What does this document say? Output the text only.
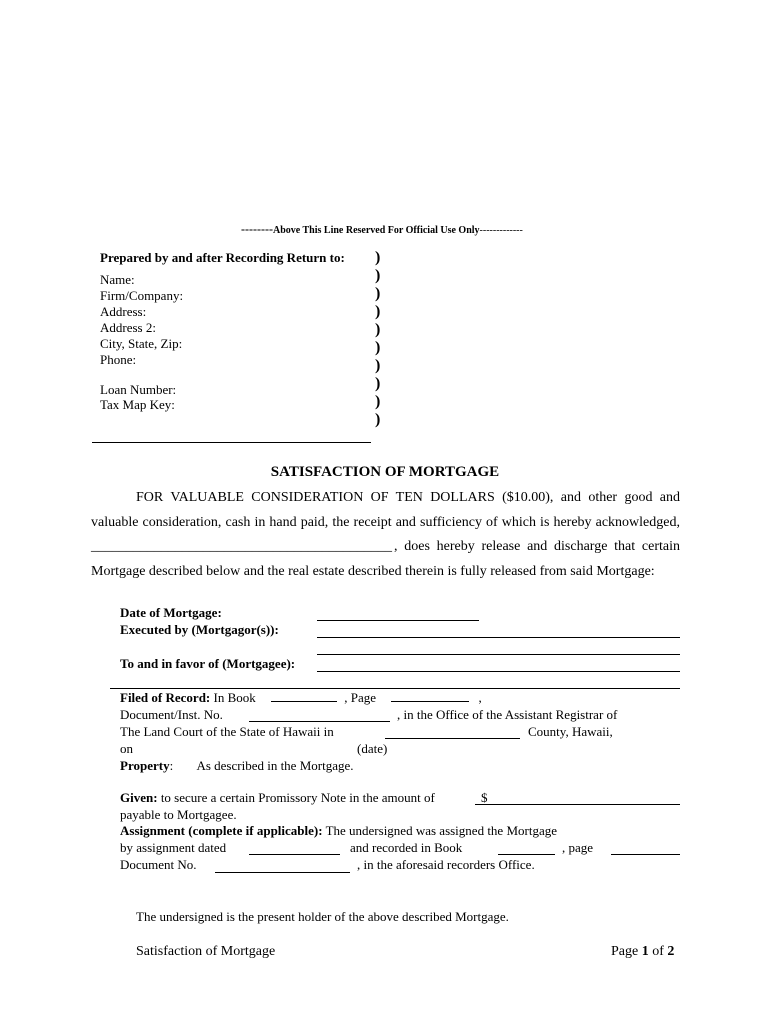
--------Above This Line Reserved For Official Use Only-------------
Prepared by and after Recording Return to:
Name:
Firm/Company:
Address:
Address 2:
City, State, Zip:
Phone:
Loan Number:
Tax Map Key:
)
)
)
)
)
)
)
)
)
)
SATISFACTION OF MORTGAGE
FOR VALUABLE CONSIDERATION OF TEN DOLLARS ($10.00), and other good and
valuable consideration, cash in hand paid, the receipt and sufficiency of which is hereby acknowledged,
___________________________________________ , does hereby release and discharge that certain
Mortgage described below and the real estate described therein is fully released from said Mortgage:
Date of Mortgage:
Executed by (Mortgagor(s)):
To and in favor of (Mortgagee):
Filed of Record: In Book	, Page	,
Document/Inst. No.	, in the Office of the Assistant Registrar of
The Land Court of the State of Hawaii in	County, Hawaii,
on	(date)
Property: As described in the Mortgage.
Given: to secure a certain Promissory Note in the amount of	$
payable to Mortgagee.
Assignment (complete if applicable): The undersigned was assigned the Mortgage
by assignment dated	and recorded in Book	, page
Document No.	, in the aforesaid recorders Office.
The undersigned is the present holder of the above described Mortgage.
Satisfaction of Mortgage	Page 1 of 2
